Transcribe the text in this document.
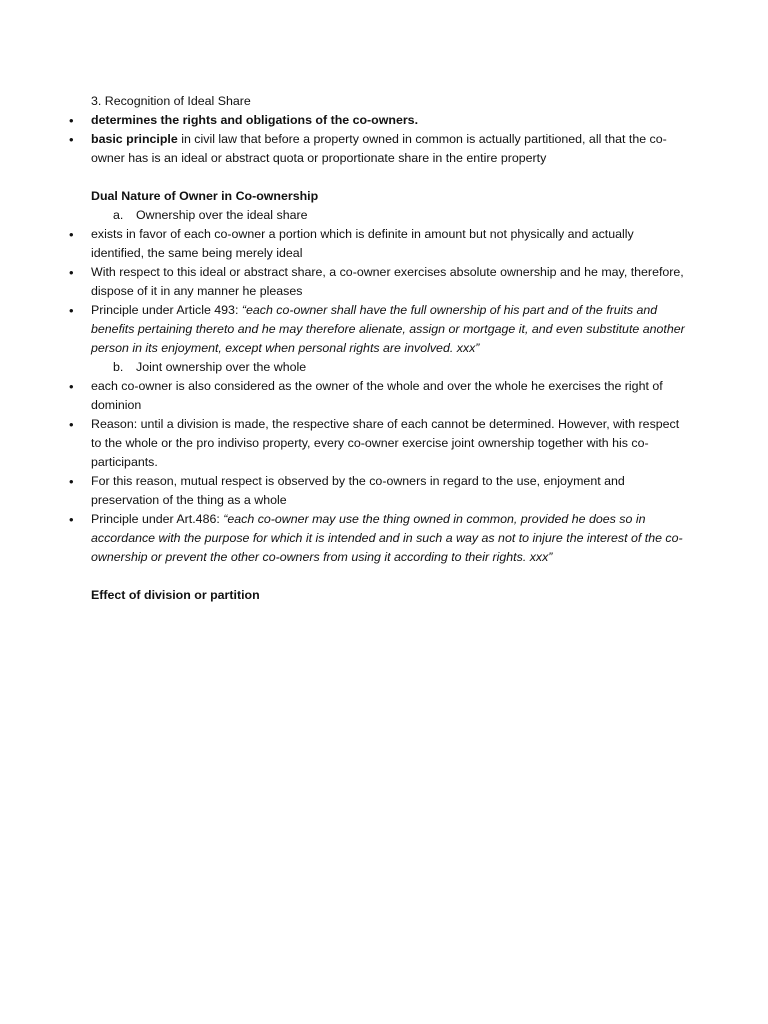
3. Recognition of Ideal Share

• determines the rights and obligations of the co-owners.
• basic principle in civil law that before a property owned in common is actually partitioned, all that the co-owner has is an ideal or abstract quota or proportionate share in the entire property

Dual Nature of Owner in Co-ownership

a. Ownership over the ideal share

• exists in favor of each co-owner a portion which is definite in amount but not physically and actually identified, the same being merely ideal
• With respect to this ideal or abstract share, a co-owner exercises absolute ownership and he may, therefore, dispose of it in any manner he pleases
• Principle under Article 493: “each co-owner shall have the full ownership of his part and of the fruits and benefits pertaining thereto and he may therefore alienate, assign or mortgage it, and even substitute another person in its enjoyment, except when personal rights are involved. xxx”

b. Joint ownership over the whole

• each co-owner is also considered as the owner of the whole and over the whole he exercises the right of dominion
• Reason: until a division is made, the respective share of each cannot be determined. However, with respect to the whole or the pro indiviso property, every co-owner exercise joint ownership together with his co-participants.
• For this reason, mutual respect is observed by the co-owners in regard to the use, enjoyment and preservation of the thing as a whole
• Principle under Art.486: “each co-owner may use the thing owned in common, provided he does so in accordance with the purpose for which it is intended and in such a way as not to injure the interest of the co-ownership or prevent the other co-owners from using it according to their rights. xxx”

Effect of division or partition
